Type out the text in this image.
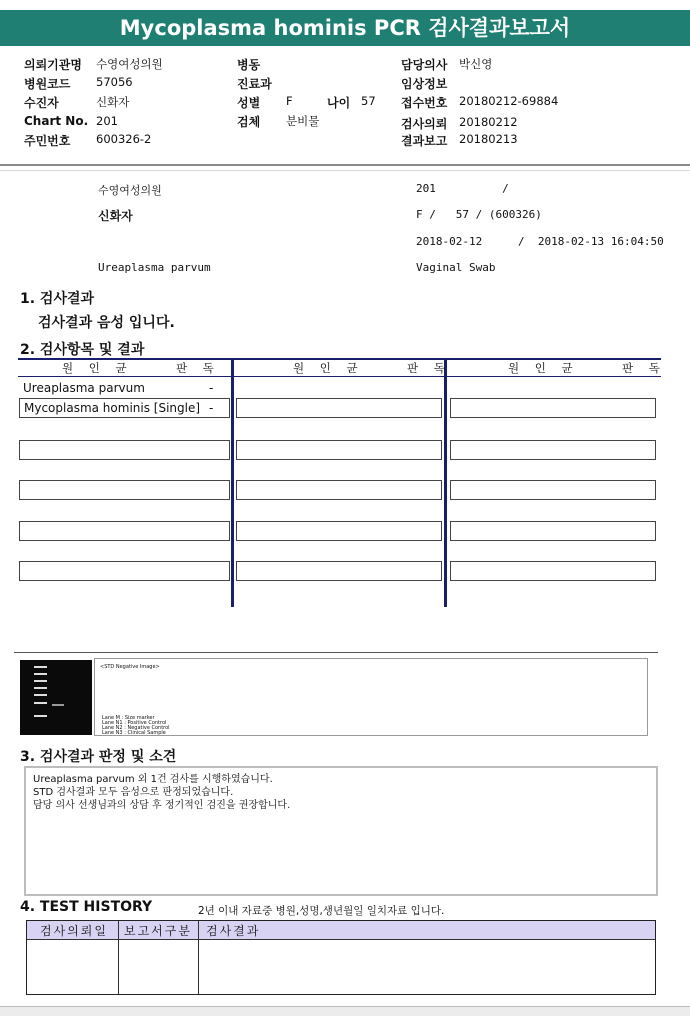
Mycoplasma hominis PCR 검사결과보고서
의뢰기관명 수영여성의원
병원코드 57056
수진자	신화자
Chart No. 201
주민번호 600326-2
병동
진료과
성별 F	나이 57
검체 분비물
담당의사 박신영
임상정보
접수번호 20180212-69884
검사의뢰 20180212
결과보고 20180213
수영여성의원	201          /
신화자	F /   57 / (600326)
2018-02-12	/  2018-02-13 16:04:50
Ureaplasma parvum	Vaginal Swab
1. 검사결과
검사결과 음성 입니다.
2. 검사항목 및 결과
원 인 균	판 독	원 인 균	판 독	원 인 균	판 독
Ureaplasma parvum	-
Mycoplasma hominis [Single] -
<STD Negative Image>
Lane M : Size marker
Lane N1 : Positive Control
Lane N2 : Negative Control
Lane N3 : Clinical Sample
3. 검사결과 판정 및 소견
Ureaplasma parvum 외 1건 검사를 시행하였습니다.
STD 검사결과 모두 음성으로 판정되었습니다.
담당 의사 선생님과의 상담 후 정기적인 검진을 권장합니다.
4. TEST HISTORY	2년 이내 자료중 병원,성명,생년월일 일치자료 입니다.
검사의뢰일 보고서구분 검사결과
